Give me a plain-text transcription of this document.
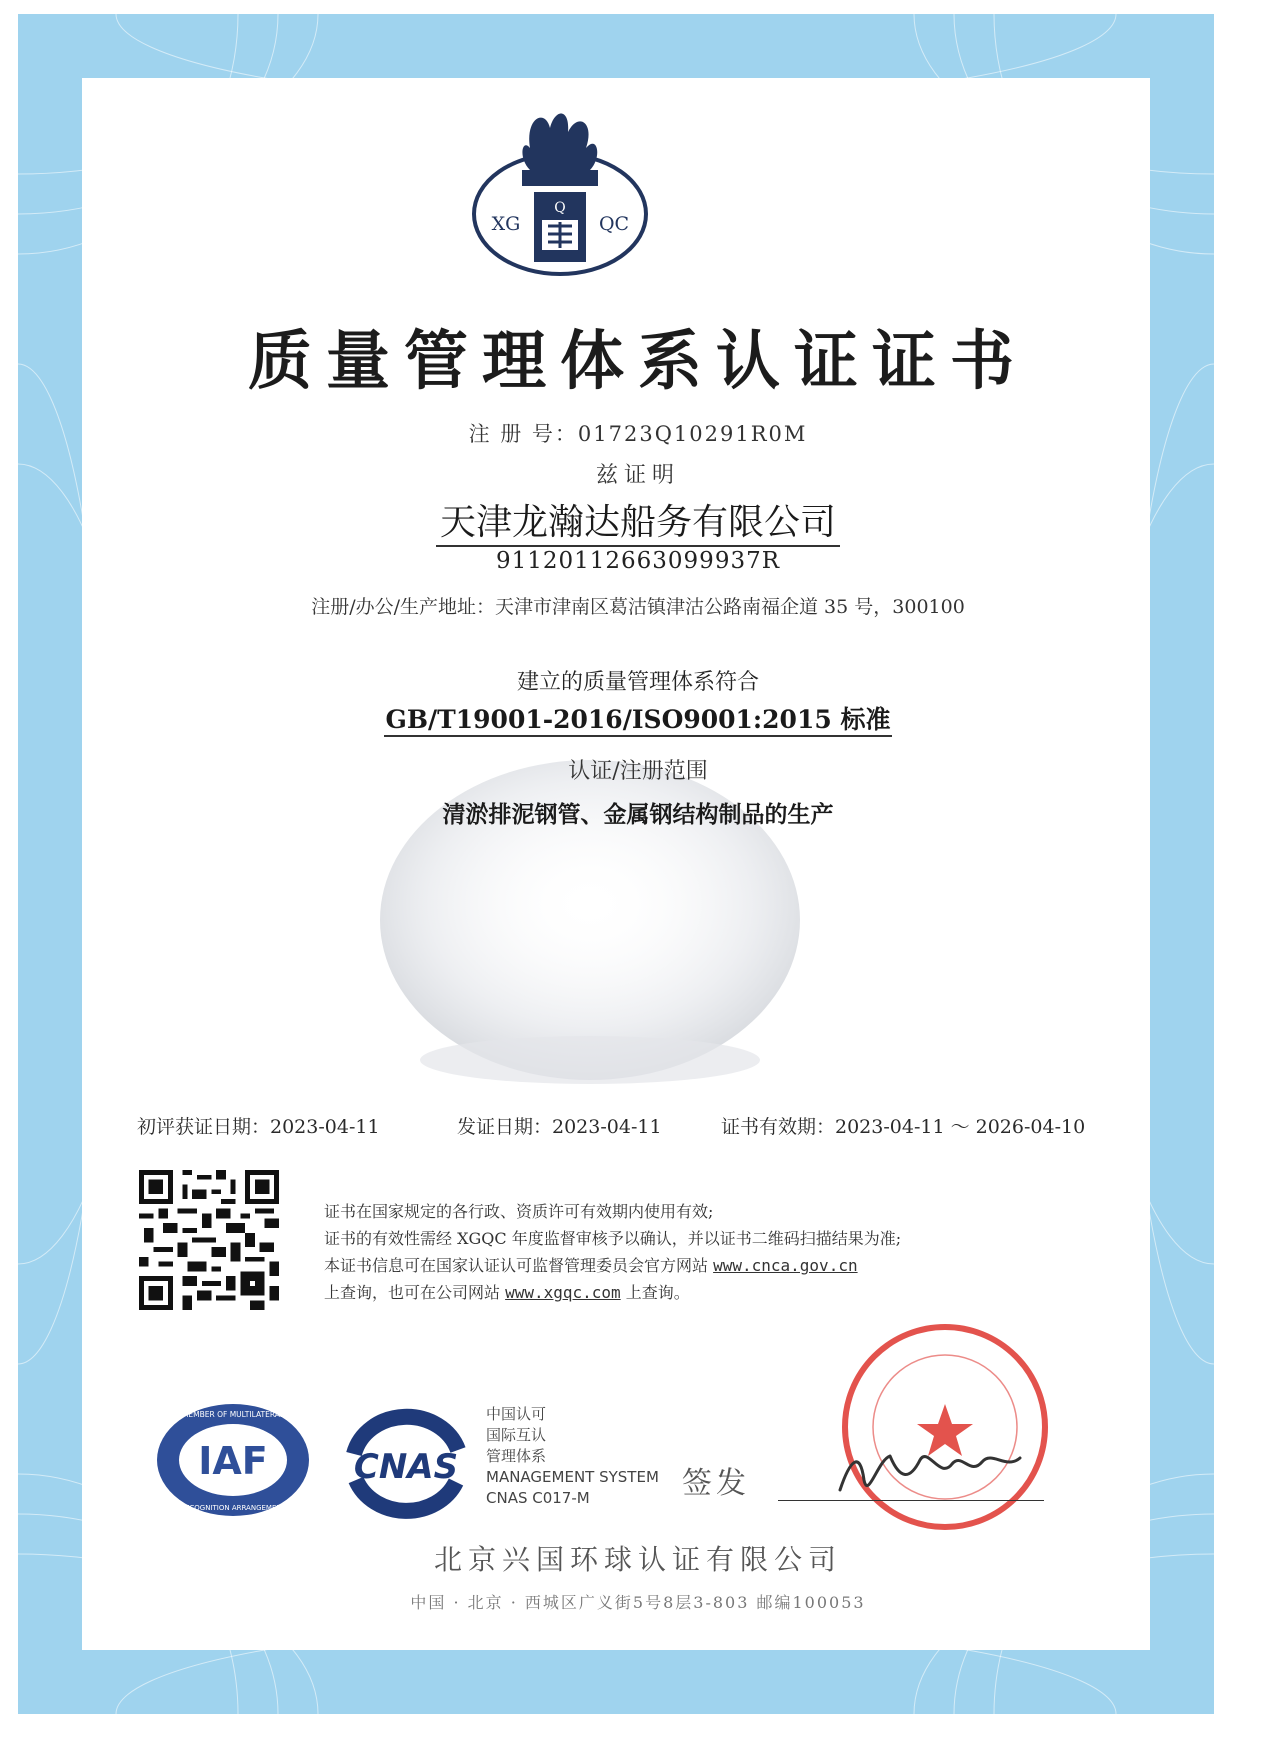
Q
XG	QC
质量管理体系认证证书
注 册 号：01723Q10291R0M
兹证明
天津龙瀚达船务有限公司
91120112663099937R
注册/办公/生产地址：天津市津南区葛沽镇津沽公路南福企道 35 号，300100
建立的质量管理体系符合
GB/T19001-2016/ISO9001:2015 标准
认证/注册范围
清淤排泥钢管、金属钢结构制品的生产
初评获证日期：2023-04-11	发证日期：2023-04-11	证书有效期：2023-04-11 ～ 2026-04-10
证书在国家规定的各行政、资质许可有效期内使用有效;
证书的有效性需经 XGQC 年度监督审核予以确认，并以证书二维码扫描结果为准;
本证书信息可在国家认证认可监督管理委员会官方网站 www.cnca.gov.cn
上查询，也可在公司网站 www.xgqc.com 上查询。
IAF
MEMBER OF MULTILATERAL
RECOGNITION ARRANGEMENT
CNAS
中国认可
国际互认
管理体系
MANAGEMENT SYSTEM
CNAS C017-M	签发
北京兴国环球认证有限公司
中国 · 北京 · 西城区广义街5号8层3-803 邮编100053
